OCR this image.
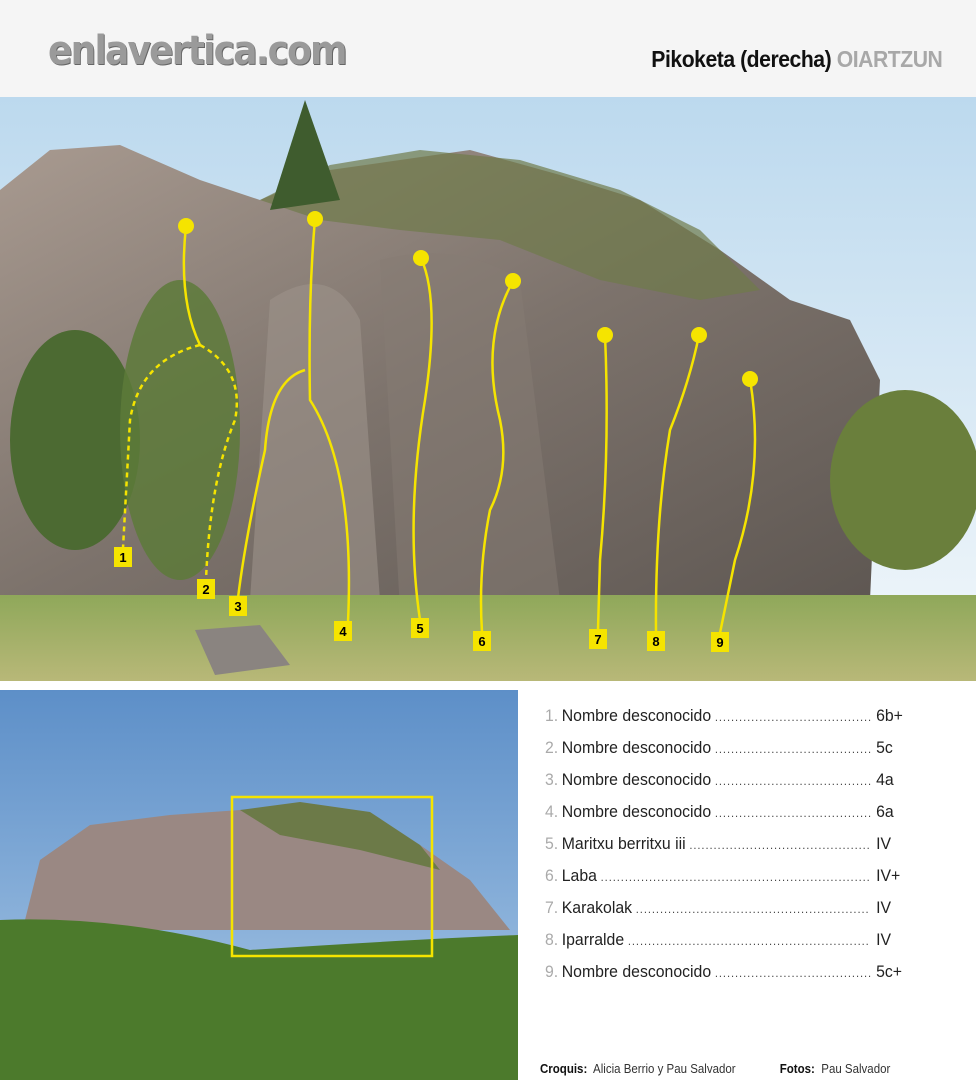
enlavertica.com	Pikoketa (derecha) OIARTZUN
1
2
3
4	5
6	7	8	9
1. Nombre desconocido .....	6b+
2. Nombre desconocido .....	5c
3. Nombre desconocido .....	4a
4. Nombre desconocido .....	6a
5. Maritxu berritxu iii .....	IV
6. Laba .....	IV+
7. Karakolak .....	IV
8. Iparralde .....	IV
9. Nombre desconocido .....	5c+
Croquis: Alicia Berrio y Pau Salvador	Fotos: Pau Salvador
